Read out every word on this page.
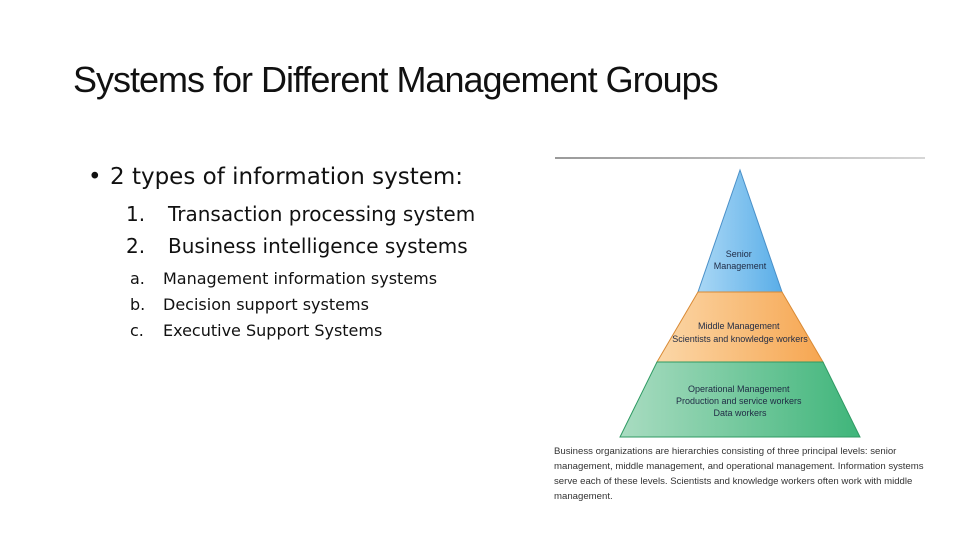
Systems for Different Management Groups
• 2 types of information system:
1. Transaction processing system
2. Business intelligence systems
a. Management information systems
b. Decision support systems
c. Executive Support Systems
Senior Management
Middle Management Scientists and knowledge workers
Operational Management Production and service workers Data workers
Business organizations are hierarchies consisting of three principal levels: senior management, middle management, and operational management. Information systems serve each of these levels. Scientists and knowledge workers often work with middle management.
